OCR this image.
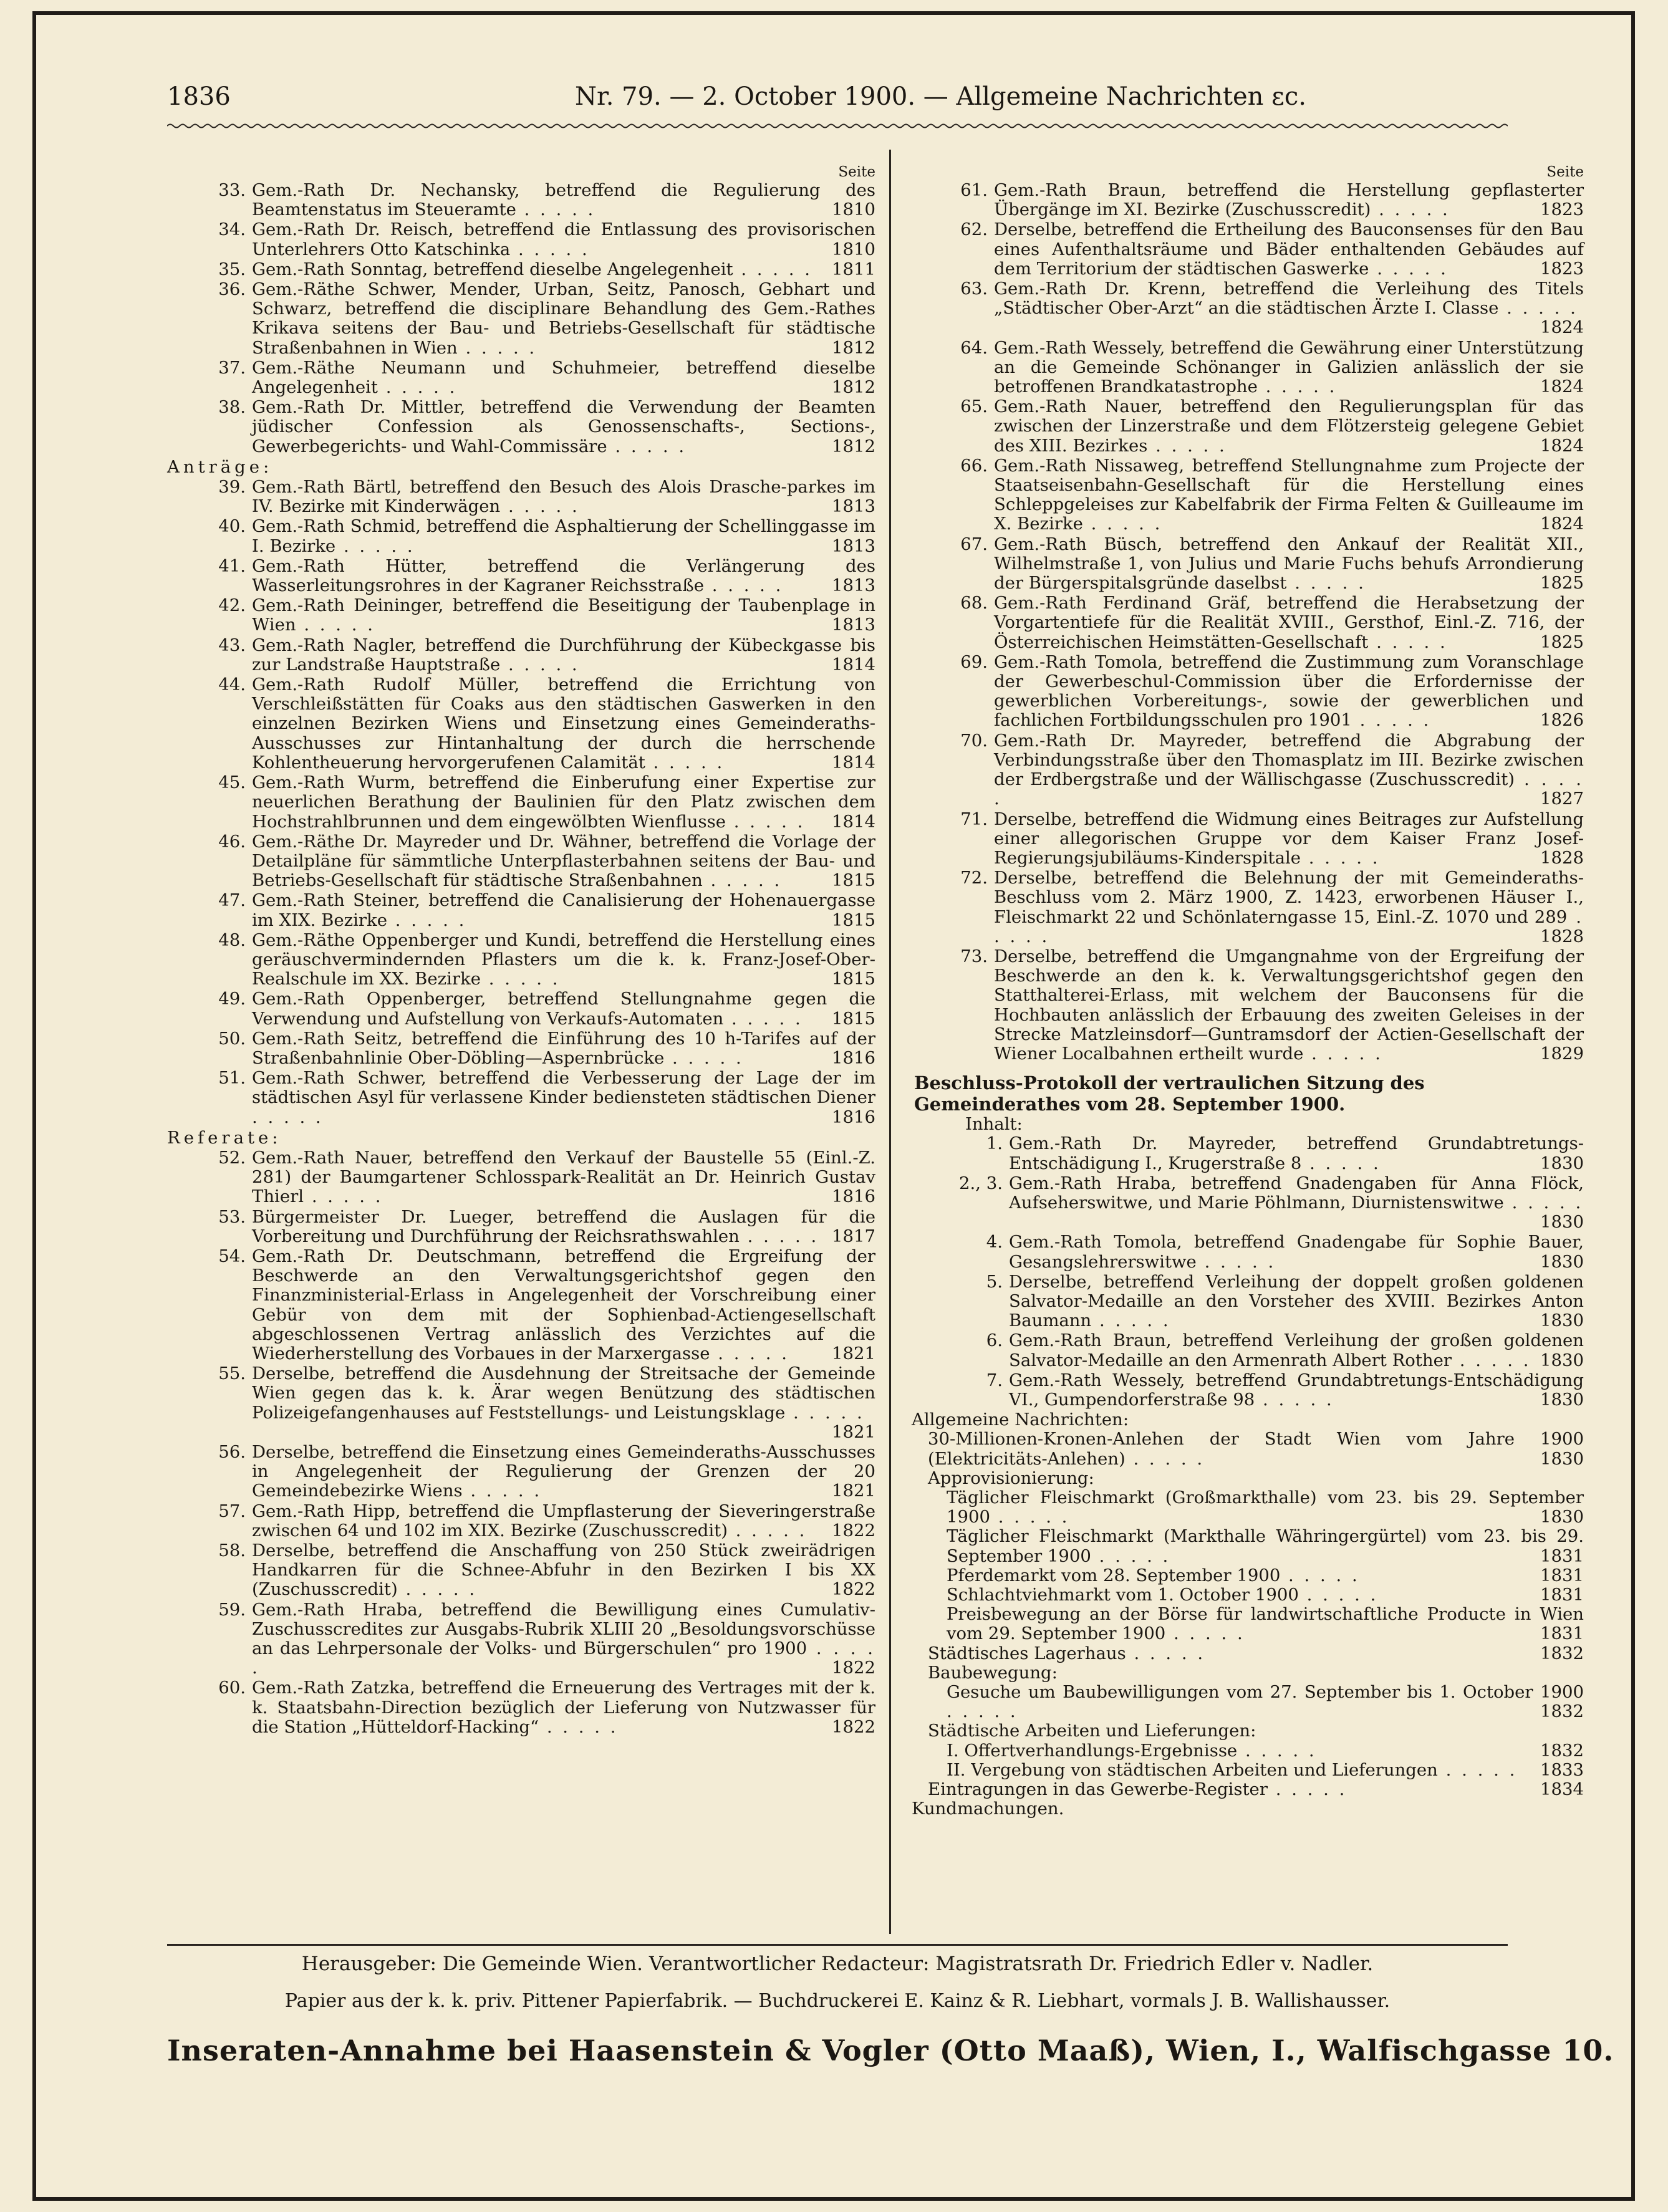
1836	Nr. 79. — 2. October 1900. — Allgemeine Nachrichten ɛc.
Seite
33. Gem.-Rath Dr. Nechansky, betreffend die Regulierung des Beamtenstatus im Steueramte . . . . .	1810
34. Gem.-Rath Dr. Reisch, betreffend die Entlassung des provisorischen Unterlehrers Otto Katschinka . . . . .	1810
35. Gem.-Rath Sonntag, betreffend dieselbe Angelegenheit . . . . . 1811
36. Gem.-Räthe Schwer, Mender, Urban, Seitz, Panosch, Gebhart und Schwarz, betreffend die disciplinare Behandlung des Gem.-Rathes Krikava seitens der Bau- und Betriebs-Gesellschaft für städtische Straßenbahnen in Wien . . . . .	1812
37. Gem.-Räthe Neumann und Schuhmeier, betreffend dieselbe Angelegenheit . . . . .	1812
38. Gem.-Rath Dr. Mittler, betreffend die Verwendung der Beamten jüdischer Confession als Genossenschafts-, Sections-, Gewerbegerichts- und Wahl-Commissäre . . . . .	1812
Anträge:
39. Gem.-Rath Bärtl, betreffend den Besuch des Alois Drasche-parkes im IV. Bezirke mit Kinderwägen . . . . .	1813
40. Gem.-Rath Schmid, betreffend die Asphaltierung der Schellinggasse im I. Bezirke . . . . .	1813
41. Gem.-Rath Hütter, betreffend die Verlängerung des Wasserleitungsrohres in der Kagraner Reichsstraße . . . . .	1813
42. Gem.-Rath Deininger, betreffend die Beseitigung der Taubenplage in Wien . . . . .	1813
43. Gem.-Rath Nagler, betreffend die Durchführung der Kübeckgasse bis zur Landstraße Hauptstraße . . . . .	1814
44. Gem.-Rath Rudolf Müller, betreffend die Errichtung von Verschleißstätten für Coaks aus den städtischen Gaswerken in den einzelnen Bezirken Wiens und Einsetzung eines Gemeinderaths-Ausschusses zur Hintanhaltung der durch die herrschende Kohlentheuerung hervorgerufenen Calamität . . . . .	1814
45. Gem.-Rath Wurm, betreffend die Einberufung einer Expertise zur neuerlichen Berathung der Baulinien für den Platz zwischen dem Hochstrahlbrunnen und dem eingewölbten Wienflusse . . . . . 1814
46. Gem.-Räthe Dr. Mayreder und Dr. Wähner, betreffend die Vorlage der Detailpläne für sämmtliche Unterpflasterbahnen seitens der Bau- und Betriebs-Gesellschaft für städtische Straßenbahnen . . . . .	1815
47. Gem.-Rath Steiner, betreffend die Canalisierung der Hohenauergasse im XIX. Bezirke . . . . .	1815
48. Gem.-Räthe Oppenberger und Kundi, betreffend die Herstellung eines geräuschvermindernden Pflasters um die k. k. Franz-Josef-Ober-Realschule im XX. Bezirke . . . . .	1815
49. Gem.-Rath Oppenberger, betreffend Stellungnahme gegen die Verwendung und Aufstellung von Verkaufs-Automaten . . . . . 1815
50. Gem.-Rath Seitz, betreffend die Einführung des 10 h-Tarifes auf der Straßenbahnlinie Ober-Döbling—Aspernbrücke . . . . .	1816
51. Gem.-Rath Schwer, betreffend die Verbesserung der Lage der im städtischen Asyl für verlassene Kinder bediensteten städtischen Diener . . . . .	1816
Referate:
52. Gem.-Rath Nauer, betreffend den Verkauf der Baustelle 55 (Einl.-Z. 281) der Baumgartener Schlosspark-Realität an Dr. Heinrich Gustav Thierl . . . . .	1816
53. Bürgermeister Dr. Lueger, betreffend die Auslagen für die Vorbereitung und Durchführung der Reichsrathswahlen . . . . . 1817
54. Gem.-Rath Dr. Deutschmann, betreffend die Ergreifung der Beschwerde an den Verwaltungsgerichtshof gegen den Finanzministerial-Erlass in Angelegenheit der Vorschreibung einer Gebür von dem mit der Sophienbad-Actiengesellschaft abgeschlossenen Vertrag anlässlich des Verzichtes auf die Wiederherstellung des Vorbaues in der Marxergasse . . . . . 1821
55. Derselbe, betreffend die Ausdehnung der Streitsache der Gemeinde Wien gegen das k. k. Ärar wegen Benützung des städtischen Polizeigefangenhauses auf Feststellungs- und Leistungsklage . . . . .
1821
56. Derselbe, betreffend die Einsetzung eines Gemeinderaths-Ausschusses in Angelegenheit der Regulierung der Grenzen der 20 Gemeindebezirke Wiens . . . . .	1821
57. Gem.-Rath Hipp, betreffend die Umpflasterung der Sieveringerstraße zwischen 64 und 102 im XIX. Bezirke (Zuschusscredit) . . . . . 1822
58. Derselbe, betreffend die Anschaffung von 250 Stück zweirädrigen Handkarren für die Schnee-Abfuhr in den Bezirken I bis XX (Zuschusscredit) . . . . .	1822
59. Gem.-Rath Hraba, betreffend die Bewilligung eines Cumulativ-Zuschusscredites zur Ausgabs-Rubrik XLIII 20 „Besoldungsvorschüsse an das Lehrpersonale der Volks- und Bürgerschulen“ pro 1900 . . . . .	1822
60. Gem.-Rath Zatzka, betreffend die Erneuerung des Vertrages mit der k. k. Staatsbahn-Direction bezüglich der Lieferung von Nutzwasser für die Station „Hütteldorf-Hacking“ . . . . .	1822
Seite
61. Gem.-Rath Braun, betreffend die Herstellung gepflasterter Übergänge im XI. Bezirke (Zuschusscredit) . . . . .	1823
62. Derselbe, betreffend die Ertheilung des Bauconsenses für den Bau eines Aufenthaltsräume und Bäder enthaltenden Gebäudes auf dem Territorium der städtischen Gaswerke . . . . .	1823
63. Gem.-Rath Dr. Krenn, betreffend die Verleihung des Titels „Städtischer Ober-Arzt“ an die städtischen Ärzte I. Classe . . . . .
1824
64. Gem.-Rath Wessely, betreffend die Gewährung einer Unterstützung an die Gemeinde Schönanger in Galizien anlässlich der sie betroffenen Brandkatastrophe . . . . .	1824
65. Gem.-Rath Nauer, betreffend den Regulierungsplan für das zwischen der Linzerstraße und dem Flötzersteig gelegene Gebiet des XIII. Bezirkes . . . . .	1824
66. Gem.-Rath Nissaweg, betreffend Stellungnahme zum Projecte der Staatseisenbahn-Gesellschaft für die Herstellung eines Schleppgeleises zur Kabelfabrik der Firma Felten & Guilleaume im X. Bezirke . . . . .	1824
67. Gem.-Rath Büsch, betreffend den Ankauf der Realität XII., Wilhelmstraße 1, von Julius und Marie Fuchs behufs Arrondierung der Bürgerspitalsgründe daselbst . . . . .	1825
68. Gem.-Rath Ferdinand Gräf, betreffend die Herabsetzung der Vorgartentiefe für die Realität XVIII., Gersthof, Einl.-Z. 716, der Österreichischen Heimstätten-Gesellschaft . . . . .	1825
69. Gem.-Rath Tomola, betreffend die Zustimmung zum Voranschlage der Gewerbeschul-Commission über die Erfordernisse der gewerblichen Vorbereitungs-, sowie der gewerblichen und fachlichen Fortbildungsschulen pro 1901 . . . . .	1826
70. Gem.-Rath Dr. Mayreder, betreffend die Abgrabung der Verbindungsstraße über den Thomasplatz im III. Bezirke zwischen der Erdbergstraße und der Wällischgasse (Zuschusscredit) . . . . .	1827
71. Derselbe, betreffend die Widmung eines Beitrages zur Aufstellung einer allegorischen Gruppe vor dem Kaiser Franz Josef-Regierungsjubiläums-Kinderspitale . . . . .	1828
72. Derselbe, betreffend die Belehnung der mit Gemeinderaths-Beschluss vom 2. März 1900, Z. 1423, erworbenen Häuser I., Fleischmarkt 22 und Schönlaterngasse 15, Einl.-Z. 1070 und 289 . . . . .	1828
73. Derselbe, betreffend die Umgangnahme von der Ergreifung der Beschwerde an den k. k. Verwaltungsgerichtshof gegen den Statthalterei-Erlass, mit welchem der Bauconsens für die Hochbauten anlässlich der Erbauung des zweiten Geleises in der Strecke Matzleinsdorf—Guntramsdorf der Actien-Gesellschaft der Wiener Localbahnen ertheilt wurde . . . . .	1829
Beschluss-Protokoll der vertraulichen Sitzung des Gemeinderathes vom 28. September 1900.
Inhalt:
1. Gem.-Rath Dr. Mayreder, betreffend Grundabtretungs-Entschädigung I., Krugerstraße 8 . . . . .	1830
2., 3. Gem.-Rath Hraba, betreffend Gnadengaben für Anna Flöck, Aufseherswitwe, und Marie Pöhlmann, Diurnistenswitwe . . . . .
1830
4. Gem.-Rath Tomola, betreffend Gnadengabe für Sophie Bauer, Gesangslehrerswitwe . . . . .	1830
5. Derselbe, betreffend Verleihung der doppelt großen goldenen Salvator-Medaille an den Vorsteher des XVIII. Bezirkes Anton Baumann . . . . .	1830
6. Gem.-Rath Braun, betreffend Verleihung der großen goldenen Salvator-Medaille an den Armenrath Albert Rother . . . . . 1830
7. Gem.-Rath Wessely, betreffend Grundabtretungs-Entschädigung VI., Gumpendorferstraße 98 . . . . .	1830
Allgemeine Nachrichten:
30-Millionen-Kronen-Anlehen der Stadt Wien vom Jahre 1900 (Elektricitäts-Anlehen) . . . . .	1830
Approvisionierung:
Täglicher Fleischmarkt (Großmarkthalle) vom 23. bis 29. September 1900 . . . . .	1830
Täglicher Fleischmarkt (Markthalle Währingergürtel) vom 23. bis 29. September 1900 . . . . .	1831
Pferdemarkt vom 28. September 1900 . . . . .	1831
Schlachtviehmarkt vom 1. October 1900 . . . . .	1831
Preisbewegung an der Börse für landwirtschaftliche Producte in Wien vom 29. September 1900 . . . . .	1831
Städtisches Lagerhaus . . . . .	1832
Baubewegung:
Gesuche um Baubewilligungen vom 27. September bis 1. October 1900 . . . . .	1832
Städtische Arbeiten und Lieferungen:
I. Offertverhandlungs-Ergebnisse . . . . .	1832
II. Vergebung von städtischen Arbeiten und Lieferungen . . . . . 1833
Eintragungen in das Gewerbe-Register . . . . .	1834
Kundmachungen.
Herausgeber: Die Gemeinde Wien. Verantwortlicher Redacteur: Magistratsrath Dr. Friedrich Edler v. Nadler.
Papier aus der k. k. priv. Pittener Papierfabrik. — Buchdruckerei E. Kainz & R. Liebhart, vormals J. B. Wallishausser.
Inseraten-Annahme bei Haasenstein & Vogler (Otto Maaß), Wien, I., Walfischgasse 10.
